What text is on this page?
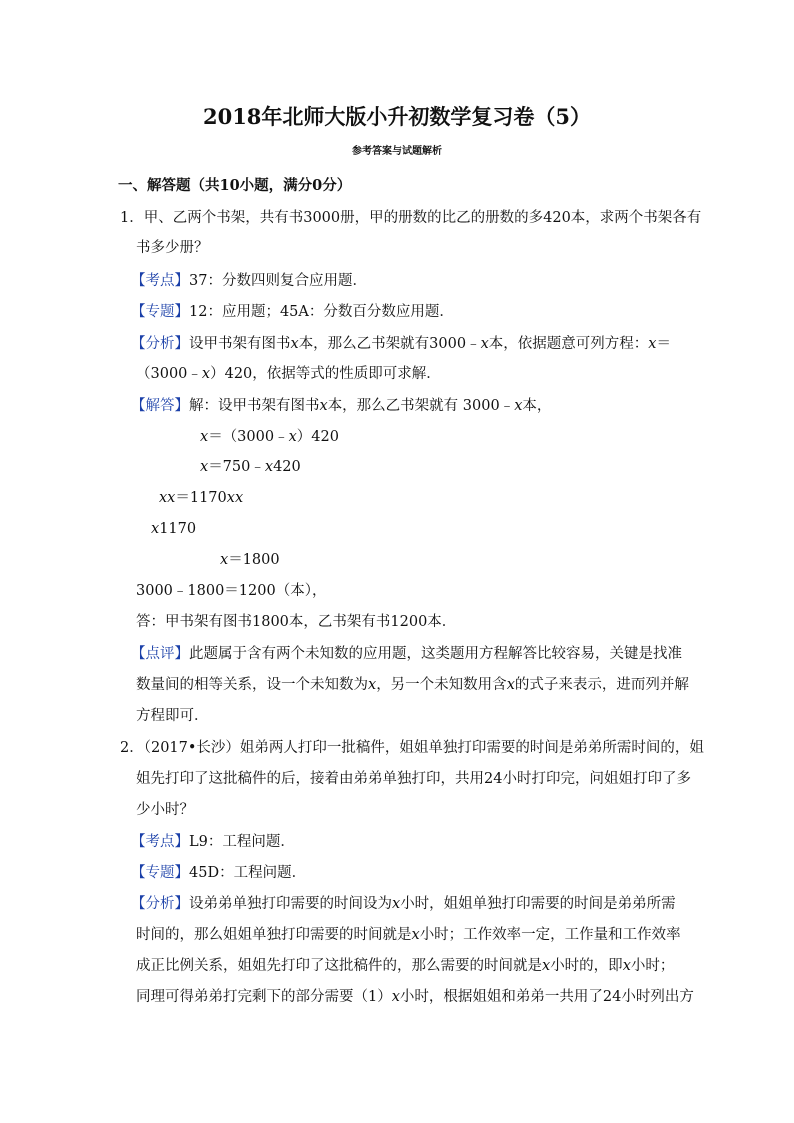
2018年北师大版小升初数学复习卷（5）
参考答案与试题解析
一、解答题（共10小题，满分0分）
1．甲、乙两个书架，共有书3000册，甲的册数的比乙的册数的多420本，求两个书架各有
书多少册？
【考点】37：分数四则复合应用题．
【专题】12：应用题；45A：分数百分数应用题．
【分析】设甲书架有图书x本，那么乙书架就有3000﹣x本，依据题意可列方程：x＝
（3000﹣x）420，依据等式的性质即可求解．
【解答】解：设甲书架有图书x本，那么乙书架就有 3000﹣x本，
x＝（3000﹣x）420
x＝750﹣x420
xx＝1170xx
x1170
x＝1800
3000﹣1800＝1200（本），
答：甲书架有图书1800本，乙书架有书1200本．
【点评】此题属于含有两个未知数的应用题，这类题用方程解答比较容易，关键是找准
数量间的相等关系，设一个未知数为x，另一个未知数用含x的式子来表示，进而列并解
方程即可．
2．（2017•长沙）姐弟两人打印一批稿件，姐姐单独打印需要的时间是弟弟所需时间的，姐
姐先打印了这批稿件的后，接着由弟弟单独打印，共用24小时打印完，问姐姐打印了多
少小时？
【考点】L9：工程问题．
【专题】45D：工程问题．
【分析】设弟弟单独打印需要的时间设为x小时，姐姐单独打印需要的时间是弟弟所需
时间的，那么姐姐单独打印需要的时间就是x小时；工作效率一定，工作量和工作效率
成正比例关系，姐姐先打印了这批稿件的，那么需要的时间就是x小时的，即x小时；
同理可得弟弟打完剩下的部分需要（1）x小时，根据姐姐和弟弟一共用了24小时列出方
